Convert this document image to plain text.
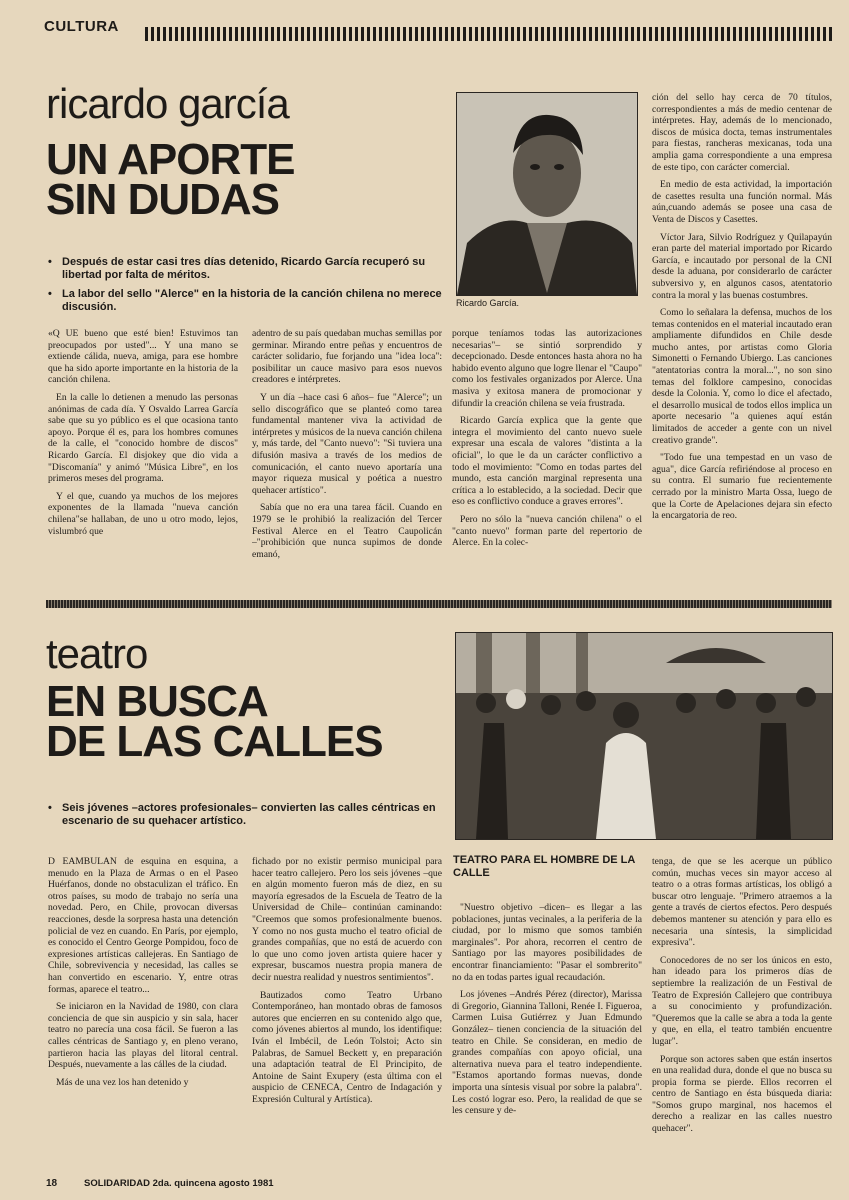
CULTURA
ricardo garcía
UN APORTE
SIN DUDAS
• Después de estar casi tres días detenido, Ricardo García recuperó su libertad por falta de méritos.
• La labor del sello "Alerce" en la historia de la canción chilena no merece discusión.	Ricardo García.

«Q UE bueno que esté bien! Estuvimos tan preocupados por usted"... Y una mano se extiende cálida, nueva, amiga, para ese hombre que ha sido aporte importante en la historia de la canción chilena.

En la calle lo detienen a menudo las personas anónimas de cada día. Y Osvaldo Larrea García sabe que su yo público es el que ocasiona tanto apoyo. Porque él es, para los hombres comunes de la calle, el "conocido hombre de discos" Ricardo García. El disjokey que dio vida a "Discomanía" y animó "Música Libre", en los primeros meses del programa.

Y el que, cuando ya muchos de los mejores exponentes de la llamada "nueva canción chilena"se hallaban, de uno u otro modo, lejos, vislumbró que

adentro de su país quedaban muchas semillas por germinar. Mirando entre peñas y encuentros de carácter solidario, fue forjando una "idea loca": posibilitar un cauce masivo para esos nuevos creadores e intérpretes.

Y un día –hace casi 6 años– fue "Alerce"; un sello discográfico que se planteó como tarea fundamental mantener viva la actividad de intérpretes y músicos de la nueva canción chilena y, más tarde, del "Canto nuevo": "Si tuviera una difusión masiva a través de los medios de comunicación, el canto nuevo aportaría una mayor riqueza musical y poética a nuestro quehacer artístico".

Sabía que no era una tarea fácil. Cuando en 1979 se le prohibió la realización del Tercer Festival Alerce en el Teatro Caupolicán –"prohibición que nunca supimos de donde emanó,

porque teníamos todas las autorizaciones necesarias"– se sintió sorprendido y decepcionado. Desde entonces hasta ahora no ha habido evento alguno que logre llenar el "Caupo" como los festivales organizados por Alerce. Una masiva y exitosa manera de promocionar y difundir la creación chilena se veía frustrada.

Ricardo García explica que la gente que integra el movimiento del canto nuevo suele expresar una escala de valores "distinta a la oficial", lo que le da un carácter conflictivo a todo el movimiento: "Como en todas partes del mundo, esta canción marginal representa una crítica a lo establecido, a la sociedad. Decir que eso es conflictivo conduce a graves errores".

Pero no sólo la "nueva canción chilena" o el "canto nuevo" forman parte del repertorio de Alerce. En la colec-

ción del sello hay cerca de 70 títulos, correspondientes a más de medio centenar de intérpretes. Hay, además de lo mencionado, discos de música docta, temas instrumentales para fiestas, rancheras mexicanas, toda una amplia gama correspondiente a una empresa de este tipo, con carácter comercial.

En medio de esta actividad, la importación de casettes resulta una función normal. Más aún,cuando además se posee una casa de Venta de Discos y Casettes.

Víctor Jara, Silvio Rodríguez y Quilapayún eran parte del material importado por Ricardo García, e incautado por personal de la CNI desde la aduana, por considerarlo de carácter subversivo y, en algunos casos, atentatorio contra la moral y las buenas costumbres.

Como lo señalara la defensa, muchos de los temas contenidos en el material incautado eran ampliamente difundidos en Chile desde mucho antes, por artistas como Gloria Simonetti o Fernando Ubiergo. Las canciones "atentatorias contra la moral...", no son sino temas del folklore campesino, conocidas desde la Colonia. Y, como lo dice el afectado, el desarrollo musical de todos ellos implica un aporte necesario "a quienes aquí están limitados de acceder a gente con un nivel creativo grande".

"Todo fue una tempestad en un vaso de agua", dice García refiriéndose al proceso en su contra. El sumario fue recientemente cerrado por la ministro Marta Ossa, luego de que la Corte de Apelaciones dejara sin efecto la encargatoria de reo.

teatro
EN BUSCA
DE LAS CALLES
• Seis jóvenes –actores profesionales– convierten las calles céntricas en escenario de su quehacer artístico.
TEATRO PARA EL HOMBRE DE LA CALLE

D EAMBULAN de esquina en esquina, a menudo en la Plaza de Armas o en el Paseo Huérfanos, donde no obstaculizan el tráfico. En otros países, su modo de trabajo no sería una novedad. Pero, en Chile, provocan diversas reacciones, desde la sorpresa hasta una detención policial de vez en cuando. En París, por ejemplo, es conocido el Centro George Pompidou, foco de expresiones artísticas callejeras. En Santiago de Chile, sobrevivencia y necesidad, las calles se han convertido en escenario. Y, entre otras formas, aparece el teatro...

Se iniciaron en la Navidad de 1980, con clara conciencia de que sin auspicio y sin sala, hacer teatro no parecía una cosa fácil. Se fueron a las calles céntricas de Santiago y, en pleno verano, partieron hacia las playas del litoral central. Después, nuevamente a las cálles de la ciudad.

Más de una vez los han detenido y

fichado por no existir permiso municipal para hacer teatro callejero. Pero los seis jóvenes –que en algún momento fueron más de diez, en su mayoría egresados de la Escuela de Teatro de la Universidad de Chile– continúan caminando: "Creemos que somos profesionalmente buenos. Y como no nos gusta mucho el teatro oficial de grandes compañías, que no está de acuerdo con lo que uno como joven artista quiere hacer y expresar, buscamos nuestra propia manera de decir nuestra realidad y nuestros sentimientos".

Bautizados como Teatro Urbano Contemporáneo, han montado obras de famosos autores que encierren en su contenido algo que, como jóvenes abiertos al mundo, los identifique: Iván el Imbécil, de León Tolstoi; Acto sin Palabras, de Samuel Beckett y, en preparación una adaptación teatral de El Principito, de Antoine de Saint Exupery (esta última con el auspicio de CENECA, Centro de Indagación y Expresión Cultural y Artística).

"Nuestro objetivo –dicen– es llegar a las poblaciones, juntas vecinales, a la periferia de la ciudad, por lo mismo que somos también marginales". Por ahora, recorren el centro de Santiago por las mayores posibilidades de encontrar financiamiento: "Pasar el sombrerito" no da en todas partes igual recaudación.

Los jóvenes –Andrés Pérez (director), Marissa di Gregorio, Giannina Talloni, Renée I. Figueroa, Carmen Luisa Gutiérrez y Juan Edmundo González– tienen conciencia de la situación del teatro en Chile. Se consideran, en medio de grandes compañías con apoyo oficial, una alternativa nueva para el teatro independiente. "Estamos aportando formas nuevas, donde importa una síntesis visual por sobre la palabra". Les costó lograr eso. Pero, la realidad de que se les censure y de-

tenga, de que se les acerque un público común, muchas veces sin mayor acceso al teatro o a otras formas artísticas, los obligó a buscar otro lenguaje. "Primero atraemos a la gente a través de ciertos efectos. Pero después debemos mantener su atención y para ello es necesaria una síntesis, la simplicidad expresiva".

Conocedores de no ser los únicos en esto, han ideado para los primeros días de septiembre la realización de un Festival de Teatro de Expresión Callejero que contribuya a su conocimiento y profundización. "Queremos que la calle se abra a toda la gente y que, en ella, el teatro también encuentre lugar".

Porque son actores saben que están insertos en una realidad dura, donde el que no busca su propia forma se pierde. Ellos recorren el centro de Santiago en ésta búsqueda diaria: "Somos grupo marginal, nos hacemos el derecho a realizar en las calles nuestro quehacer".

18	SOLIDARIDAD 2da. quincena agosto 1981
